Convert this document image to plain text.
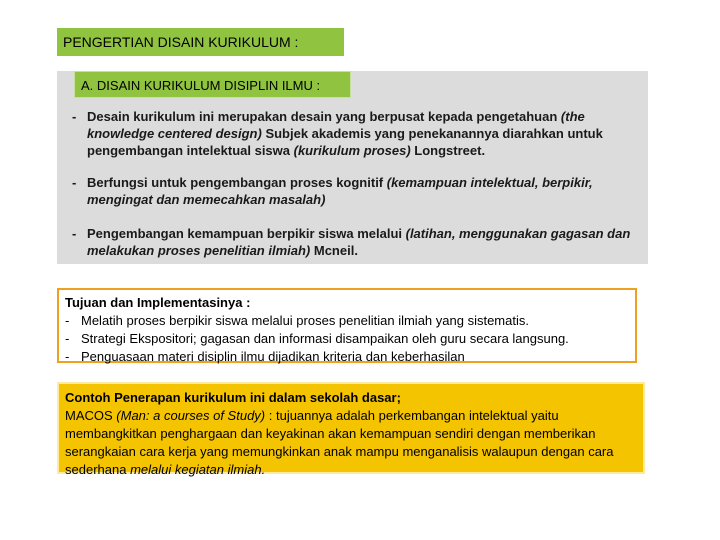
PENGERTIAN DISAIN KURIKULUM :
A. DISAIN KURIKULUM DISIPLIN ILMU :
- Desain kurikulum ini merupakan desain yang berpusat kepada pengetahuan (the knowledge centered design) Subjek akademis yang penekanannya diarahkan untuk pengembangan intelektual siswa (kurikulum proses) Longstreet.
- Berfungsi untuk pengembangan proses kognitif (kemampuan intelektual, berpikir, mengingat dan memecahkan masalah)
- Pengembangan kemampuan berpikir siswa melalui (latihan, menggunakan gagasan dan melakukan proses penelitian ilmiah) Mcneil.
Tujuan dan Implementasinya :
- Melatih proses berpikir siswa melalui proses penelitian ilmiah yang sistematis.
- Strategi Ekspositori; gagasan dan informasi disampaikan oleh guru secara langsung.
- Penguasaan materi disiplin ilmu dijadikan kriteria dan keberhasilan
Contoh Penerapan kurikulum ini dalam sekolah dasar;
MACOS (Man: a courses of Study) : tujuannya adalah perkembangan intelektual yaitu membangkitkan penghargaan dan keyakinan akan kemampuan sendiri dengan memberikan serangkaian cara kerja yang memungkinkan anak mampu menganalisis walaupun dengan cara sederhana melalui kegiatan ilmiah.
